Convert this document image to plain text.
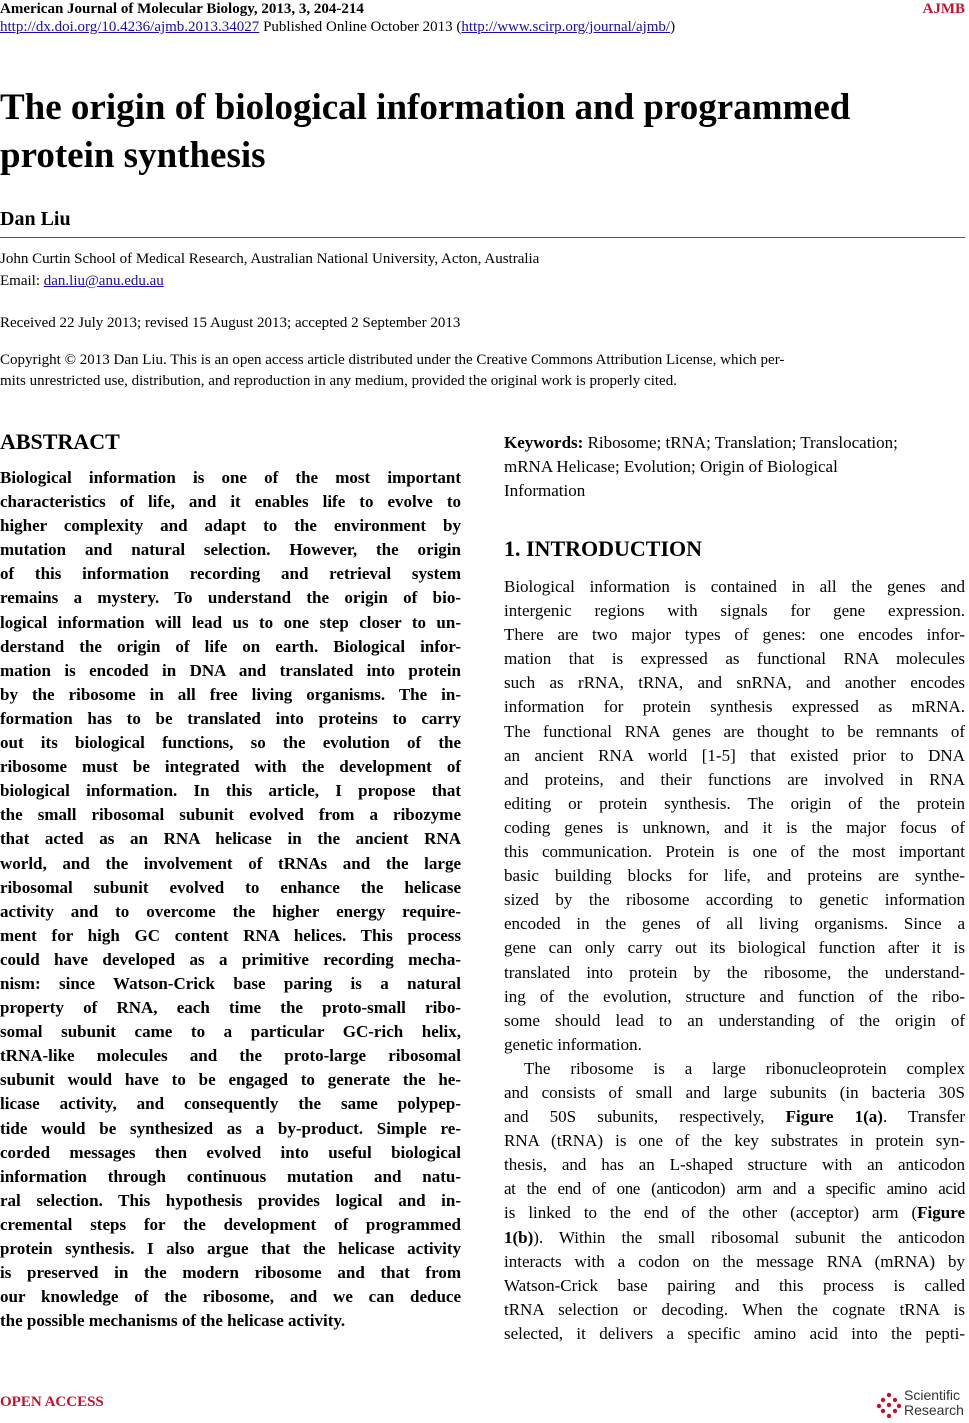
American Journal of Molecular Biology, 2013, 3, 204-214	AJMB
http://dx.doi.org/10.4236/ajmb.2013.34027 Published Online October 2013 (http://www.scirp.org/journal/ajmb/)
The origin of biological information and programmed
protein synthesis
Dan Liu
John Curtin School of Medical Research, Australian National University, Acton, Australia
Email: dan.liu@anu.edu.au
Received 22 July 2013; revised 15 August 2013; accepted 2 September 2013
Copyright © 2013 Dan Liu. This is an open access article distributed under the Creative Commons Attribution License, which per-
mits unrestricted use, distribution, and reproduction in any medium, provided the original work is properly cited.
ABSTRACT
Biological information is one of the most important
characteristics of life, and it enables life to evolve to
higher complexity and adapt to the environment by
mutation and natural selection. However, the origin
of this information recording and retrieval system
remains a mystery. To understand the origin of bio-
logical information will lead us to one step closer to un-
derstand the origin of life on earth. Biological infor-
mation is encoded in DNA and translated into protein
by the ribosome in all free living organisms. The in-
formation has to be translated into proteins to carry
out its biological functions, so the evolution of the
ribosome must be integrated with the development of
biological information. In this article, I propose that
the small ribosomal subunit evolved from a ribozyme
that acted as an RNA helicase in the ancient RNA
world, and the involvement of tRNAs and the large
ribosomal subunit evolved to enhance the helicase
activity and to overcome the higher energy require-
ment for high GC content RNA helices. This process
could have developed as a primitive recording mecha-
nism: since Watson-Crick base paring is a natural
property of RNA, each time the proto-small ribo-
somal subunit came to a particular GC-rich helix,
tRNA-like molecules and the proto-large ribosomal
subunit would have to be engaged to generate the he-
licase activity, and consequently the same polypep-
tide would be synthesized as a by-product. Simple re-
corded messages then evolved into useful biological
information through continuous mutation and natu-
ral selection. This hypothesis provides logical and in-
cremental steps for the development of programmed
protein synthesis. I also argue that the helicase activity
is preserved in the modern ribosome and that from
our knowledge of the ribosome, and we can deduce
the possible mechanisms of the helicase activity.
Keywords: Ribosome; tRNA; Translation; Translocation;
mRNA Helicase; Evolution; Origin of Biological
Information
1. INTRODUCTION
Biological information is contained in all the genes and
intergenic regions with signals for gene expression.
There are two major types of genes: one encodes infor-
mation that is expressed as functional RNA molecules
such as rRNA, tRNA, and snRNA, and another encodes
information for protein synthesis expressed as mRNA.
The functional RNA genes are thought to be remnants of
an ancient RNA world [1-5] that existed prior to DNA
and proteins, and their functions are involved in RNA
editing or protein synthesis. The origin of the protein
coding genes is unknown, and it is the major focus of
this communication. Protein is one of the most important
basic building blocks for life, and proteins are synthe-
sized by the ribosome according to genetic information
encoded in the genes of all living organisms. Since a
gene can only carry out its biological function after it is
translated into protein by the ribosome, the understand-
ing of the evolution, structure and function of the ribo-
some should lead to an understanding of the origin of
genetic information.
The ribosome is a large ribonucleoprotein complex
and consists of small and large subunits (in bacteria 30S
and 50S subunits, respectively, Figure 1(a). Transfer
RNA (tRNA) is one of the key substrates in protein syn-
thesis, and has an L-shaped structure with an anticodon
at the end of one (anticodon) arm and a specific amino acid
is linked to the end of the other (acceptor) arm (Figure
1(b)). Within the small ribosomal subunit the anticodon
interacts with a codon on the message RNA (mRNA) by
Watson-Crick base pairing and this process is called
tRNA selection or decoding. When the cognate tRNA is
selected, it delivers a specific amino acid into the pepti-
OPEN ACCESS	Scientific
Research
